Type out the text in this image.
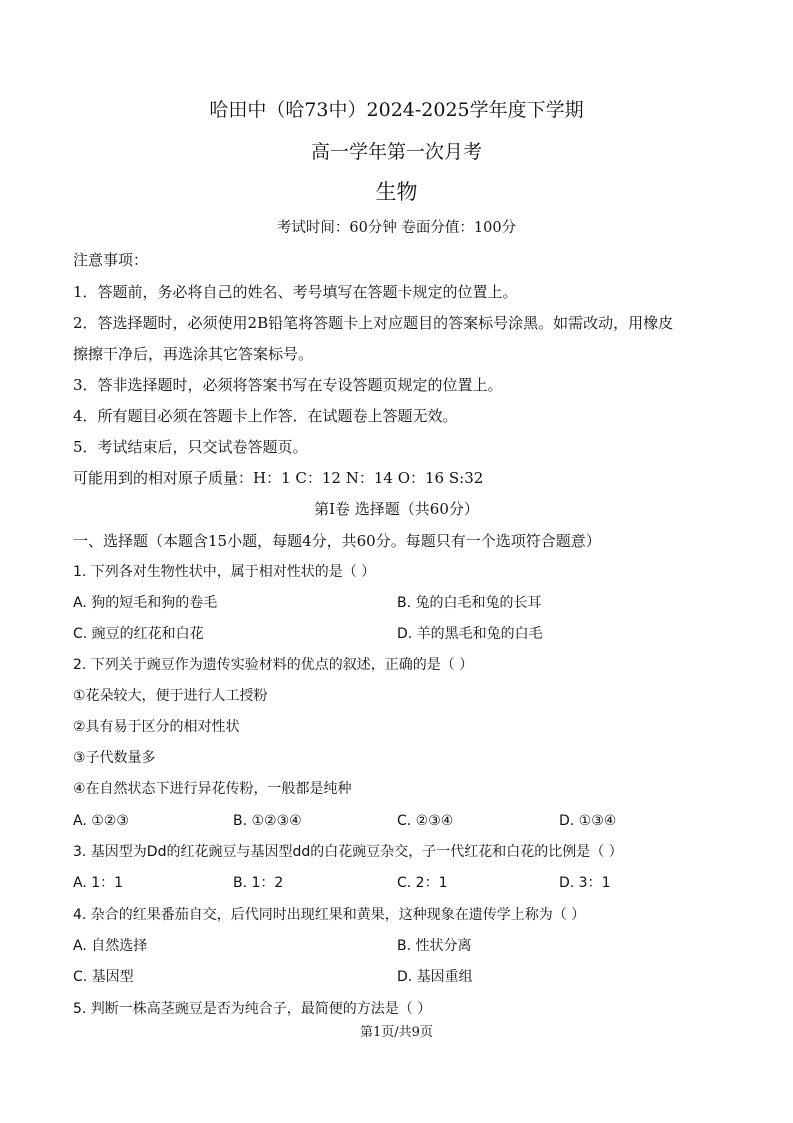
哈田中（哈73中）2024-2025学年度下学期
高一学年第一次月考
生物
考试时间：60分钟 卷面分值：100分
注意事项：
1．答题前，务必将自己的姓名、考号填写在答题卡规定的位置上。
2．答选择题时，必须使用2B铅笔将答题卡上对应题目的答案标号涂黑。如需改动，用橡皮
擦擦干净后，再选涂其它答案标号。
3．答非选择题时，必须将答案书写在专设答题页规定的位置上。
4．所有题目必须在答题卡上作答．在试题卷上答题无效。
5．考试结束后，只交试卷答题页。
可能用到的相对原子质量：H：1 C：12 N：14 O：16 S:32
第Ⅰ卷 选择题（共60分）
一、选择题（本题含15小题，每题4分，共60分。每题只有一个选项符合题意）
1. 下列各对生物性状中，属于相对性状的是（ ）
A. 狗的短毛和狗的卷毛	B. 兔的白毛和兔的长耳
C. 豌豆的红花和白花	D. 羊的黑毛和兔的白毛
2. 下列关于豌豆作为遗传实验材料的优点的叙述，正确的是（ ）
①花朵较大，便于进行人工授粉
②具有易于区分的相对性状
③子代数量多
④在自然状态下进行异花传粉，一般都是纯种
A. ①②③	B. ①②③④	C. ②③④	D. ①③④
3. 基因型为Dd的红花豌豆与基因型dd的白花豌豆杂交，子一代红花和白花的比例是（ ）
A. 1：1	B. 1：2	C. 2：1	D. 3：1
4. 杂合的红果番茄自交，后代同时出现红果和黄果，这种现象在遗传学上称为（ ）
A. 自然选择	B. 性状分离
C. 基因型	D. 基因重组
5. 判断一株高茎豌豆是否为纯合子，最简便的方法是（ ）
第1页/共9页
